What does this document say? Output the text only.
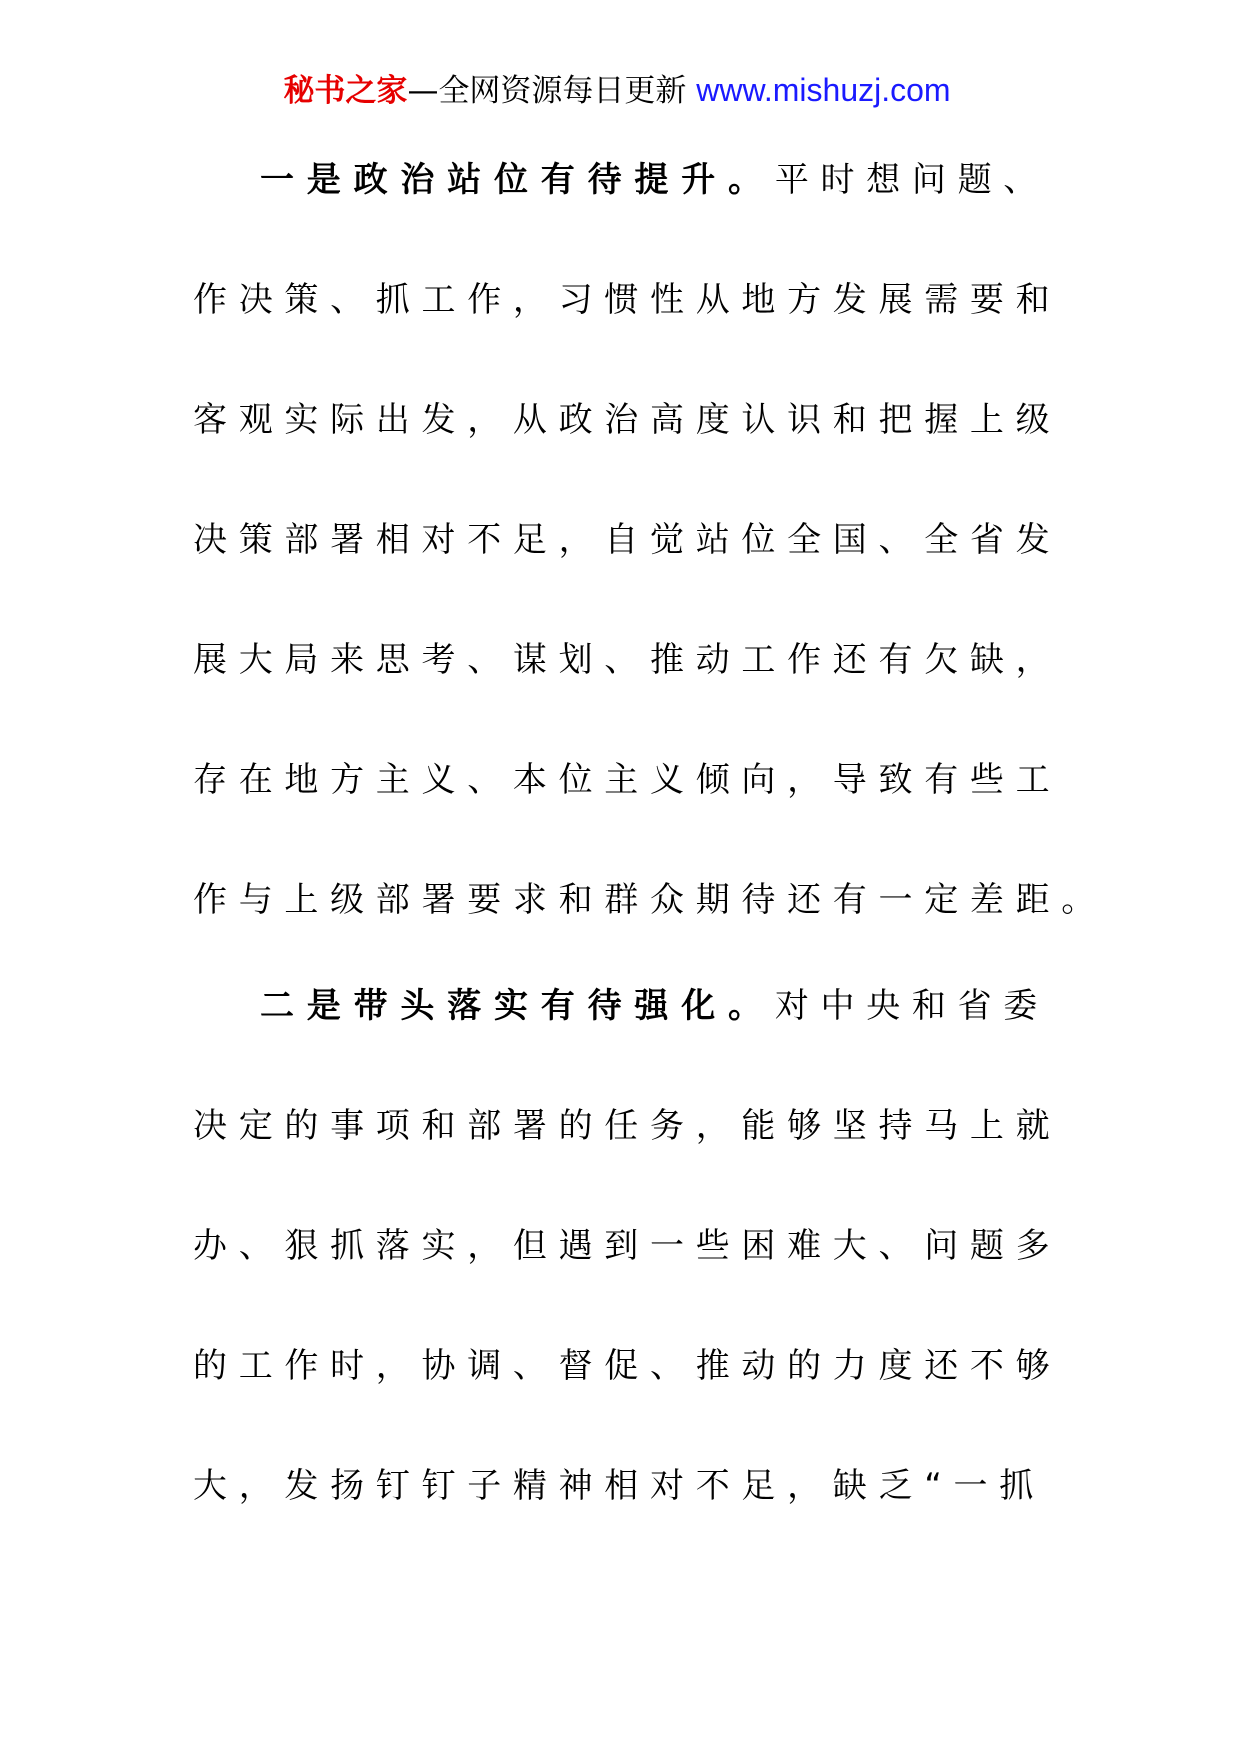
秘书之家—全网资源每日更新 www.mishuzj.com
一是政治站位有待提升。平时想问题、
作决策、抓工作，习惯性从地方发展需要和
客观实际出发，从政治高度认识和把握上级
决策部署相对不足，自觉站位全国、全省发
展大局来思考、谋划、推动工作还有欠缺，
存在地方主义、本位主义倾向，导致有些工
作与上级部署要求和群众期待还有一定差距。
二是带头落实有待强化。对中央和省委
决定的事项和部署的任务，能够坚持马上就
办、狠抓落实，但遇到一些困难大、问题多
的工作时，协调、督促、推动的力度还不够
大，发扬钉钉子精神相对不足，缺乏“一抓
